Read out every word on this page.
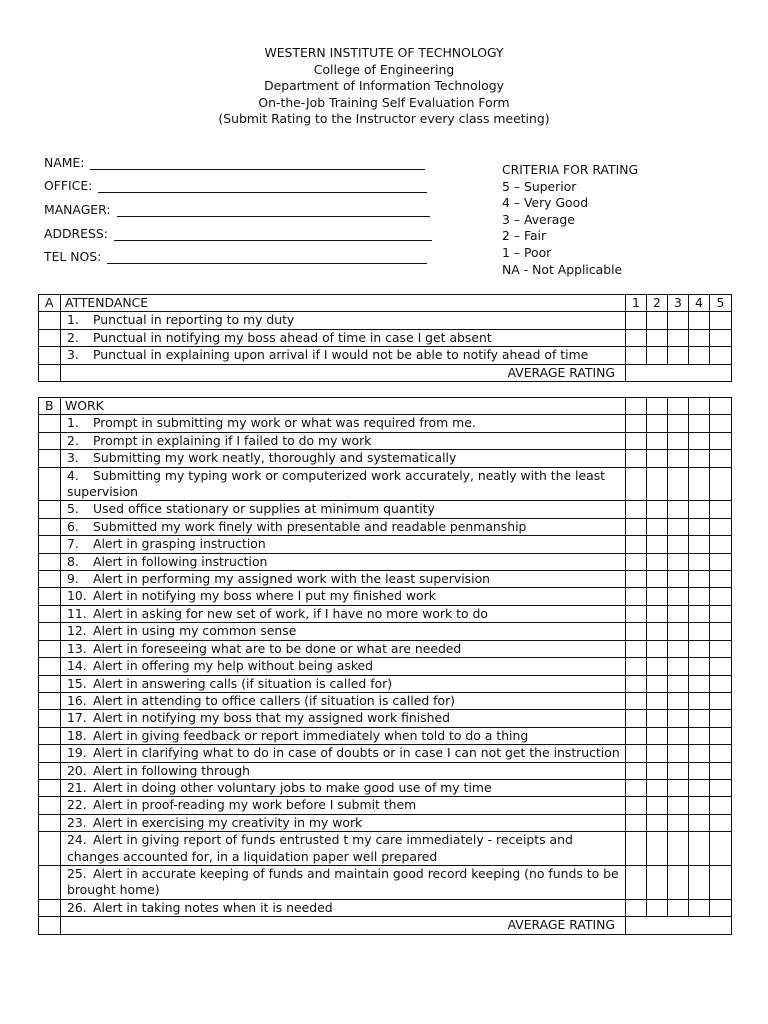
WESTERN INSTITUTE OF TECHNOLOGY
College of Engineering
Department of Information Technology
On-the-Job Training Self Evaluation Form
(Submit Rating to the Instructor every class meeting)
NAME:
OFFICE:
MANAGER:
ADDRESS:
TEL NOS:
CRITERIA FOR RATING
5 – Superior
4 – Very Good
3 – Average
2 – Fair
1 – Poor
NA - Not Applicable
A	ATTENDANCE	1	2	3	4	5

	1. Punctual in reporting to my duty					

	2. Punctual in notifying my boss ahead of time in case I get absent					

	3. Punctual in explaining upon arrival if I would not be able to notify ahead of time					

	AVERAGE RATING					
B	WORK					

	1. Prompt in submitting my work or what was required from me.					

	2. Prompt in explaining if I failed to do my work					

	3. Submitting my work neatly, thoroughly and systematically					

	4. Submitting my typing work or computerized work accurately, neatly with the least supervision					

	5. Used office stationary or supplies at minimum quantity					

	6. Submitted my work finely with presentable and readable penmanship					

	7. Alert in grasping instruction					

	8. Alert in following instruction					

	9. Alert in performing my assigned work with the least supervision					

	10. Alert in notifying my boss where I put my finished work					

	11. Alert in asking for new set of work, if I have no more work to do					

	12. Alert in using my common sense					

	13. Alert in foreseeing what are to be done or what are needed					

	14. Alert in offering my help without being asked					

	15. Alert in answering calls (if situation is called for)					

	16. Alert in attending to office callers (if situation is called for)					

	17. Alert in notifying my boss that my assigned work finished					

	18. Alert in giving feedback or report immediately when told to do a thing					

	19. Alert in clarifying what to do in case of doubts or in case I can not get the instruction					

	20. Alert in following through					

	21. Alert in doing other voluntary jobs to make good use of my time					

	22. Alert in proof-reading my work before I submit them					

	23. Alert in exercising my creativity in my work					

	24. Alert in giving report of funds entrusted t my care immediately - receipts and changes accounted for, in a liquidation paper well prepared					

	25. Alert in accurate keeping of funds and maintain good record keeping (no funds to be brought home)					

	26. Alert in taking notes when it is needed					

	AVERAGE RATING					
